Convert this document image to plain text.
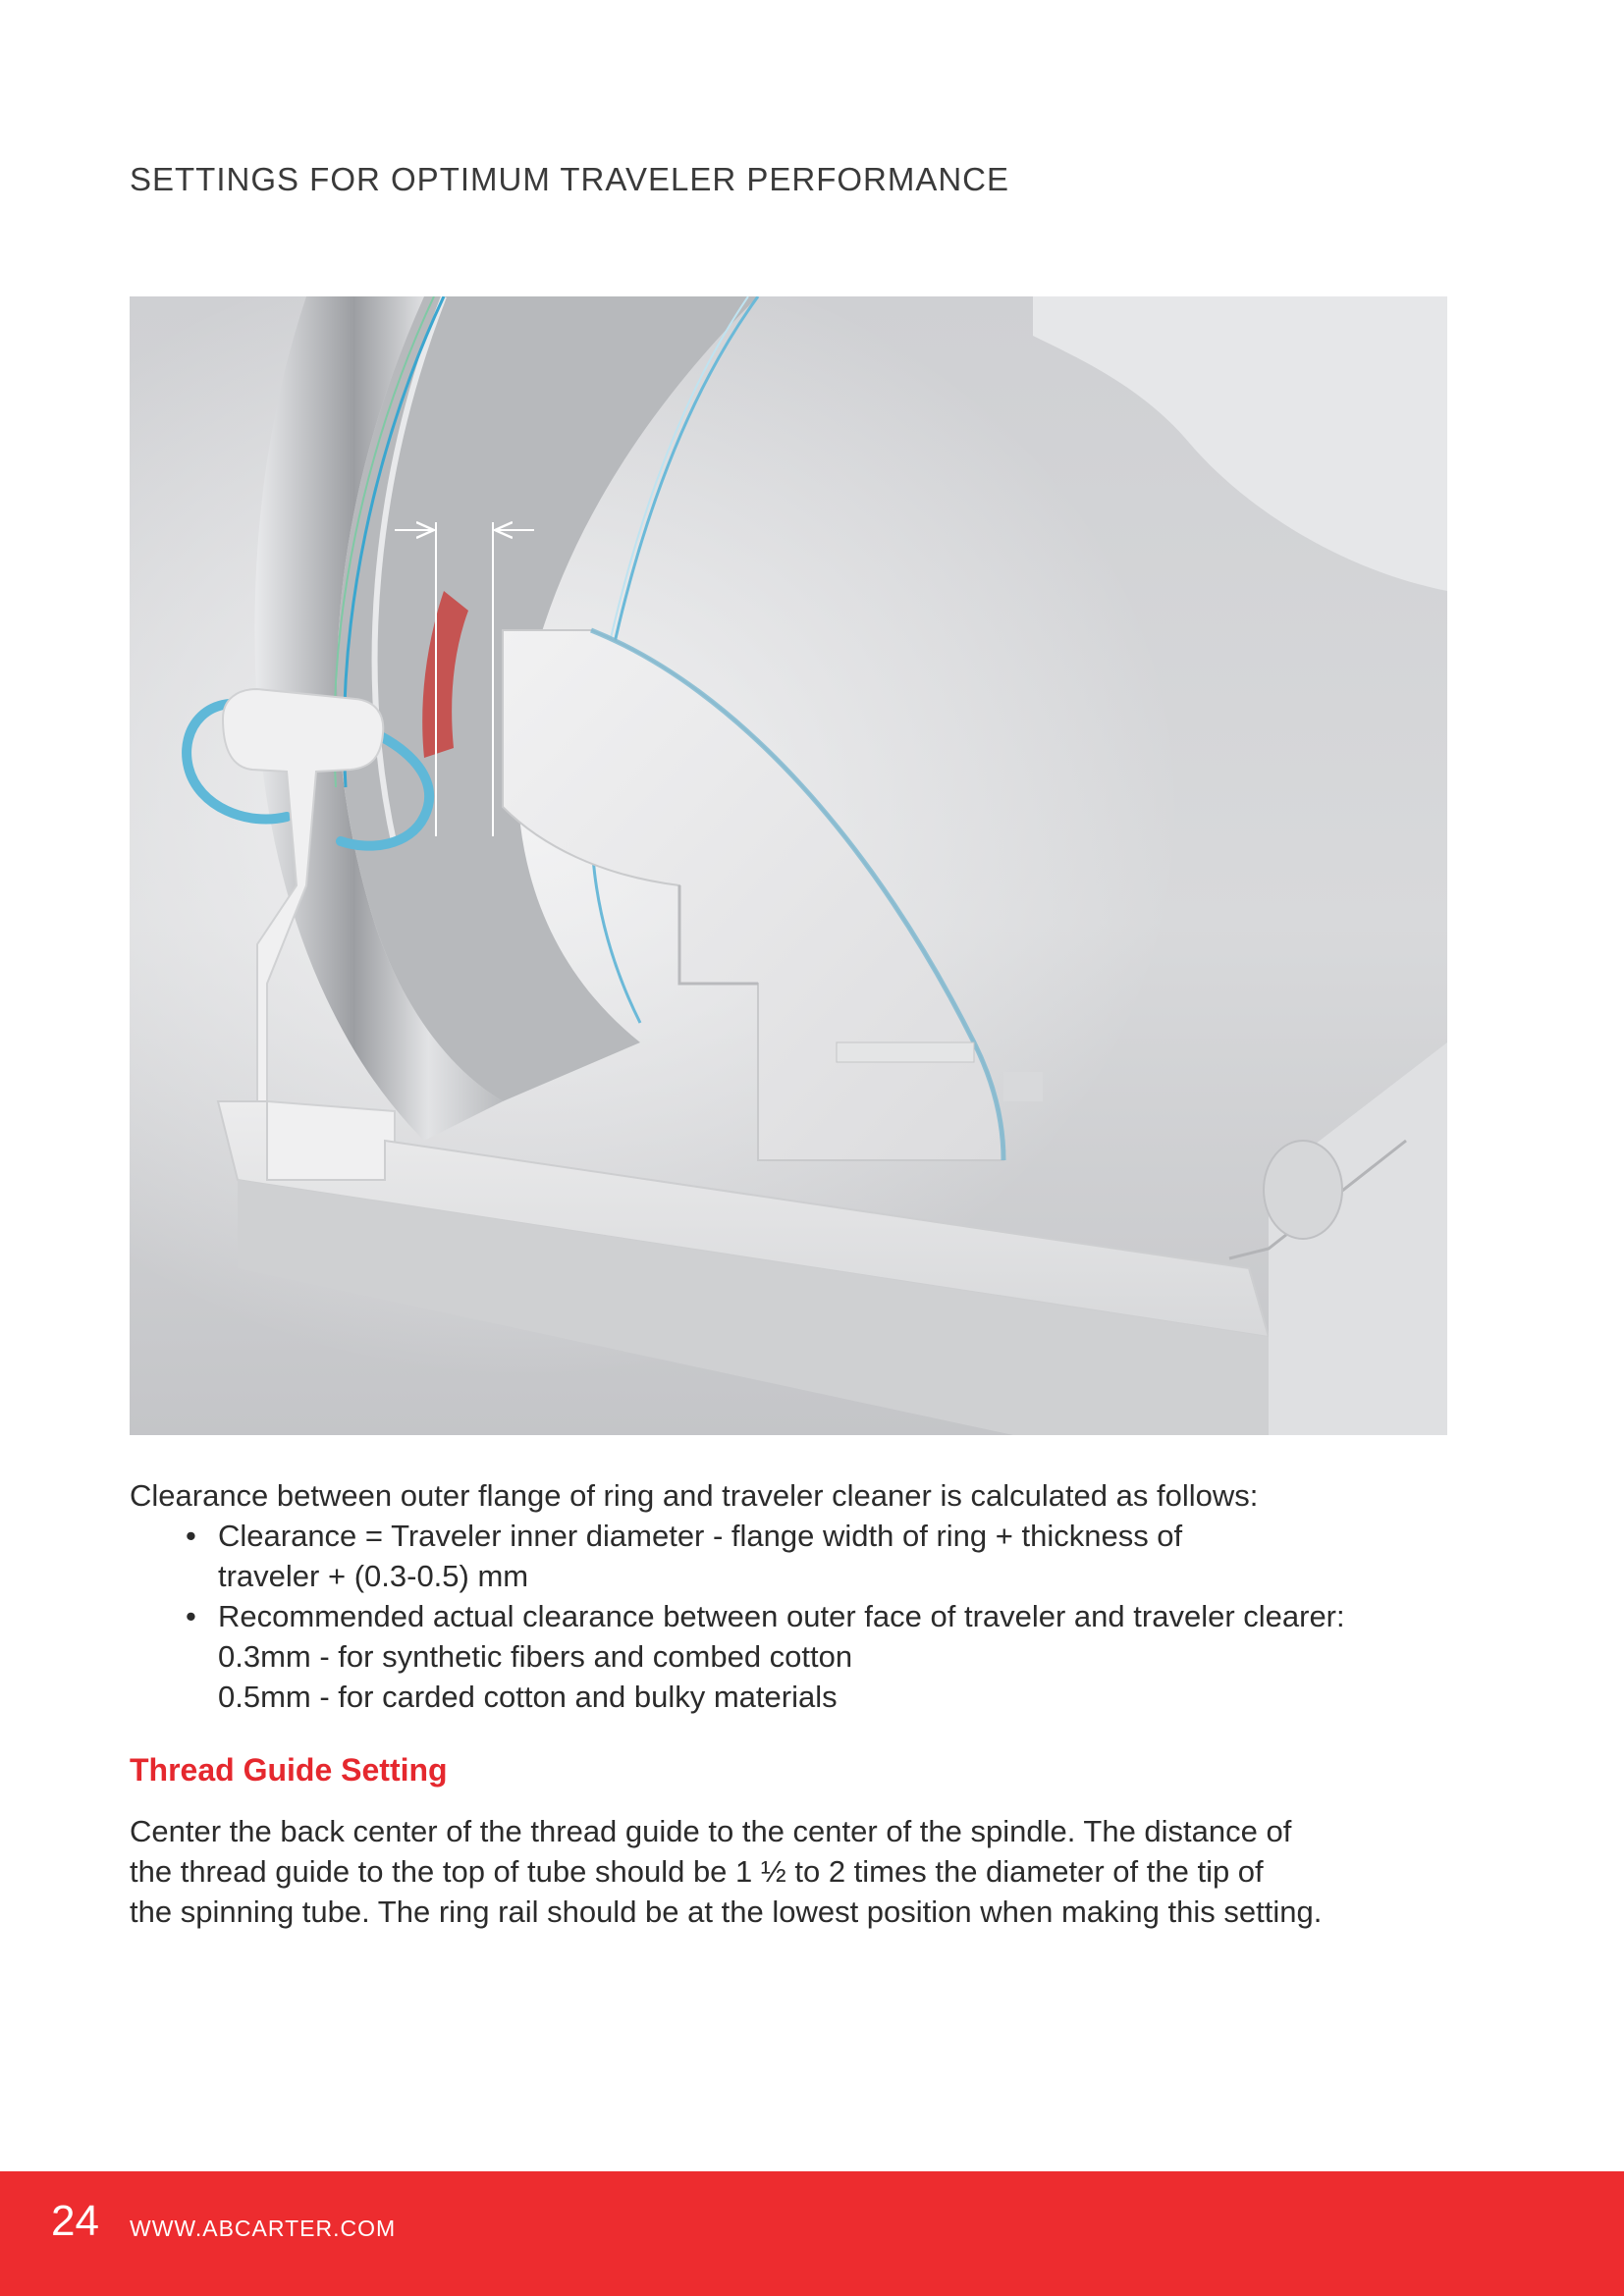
SETTINGS FOR OPTIMUM TRAVELER PERFORMANCE

Clearance between outer flange of ring and traveler cleaner is calculated as follows:

• Clearance = Traveler inner diameter - flange width of ring + thickness of
traveler + (0.3-0.5) mm
• Recommended actual clearance between outer face of traveler and traveler clearer:
0.3mm - for synthetic fibers and combed cotton
0.5mm - for carded cotton and bulky materials
Thread Guide Setting
Center the back center of the thread guide to the center of the spindle. The distance of
the thread guide to the top of tube should be 1 ½ to 2 times the diameter of the tip of
the spinning tube. The ring rail should be at the lowest position when making this setting.
24 WWW.ABCARTER.COM
